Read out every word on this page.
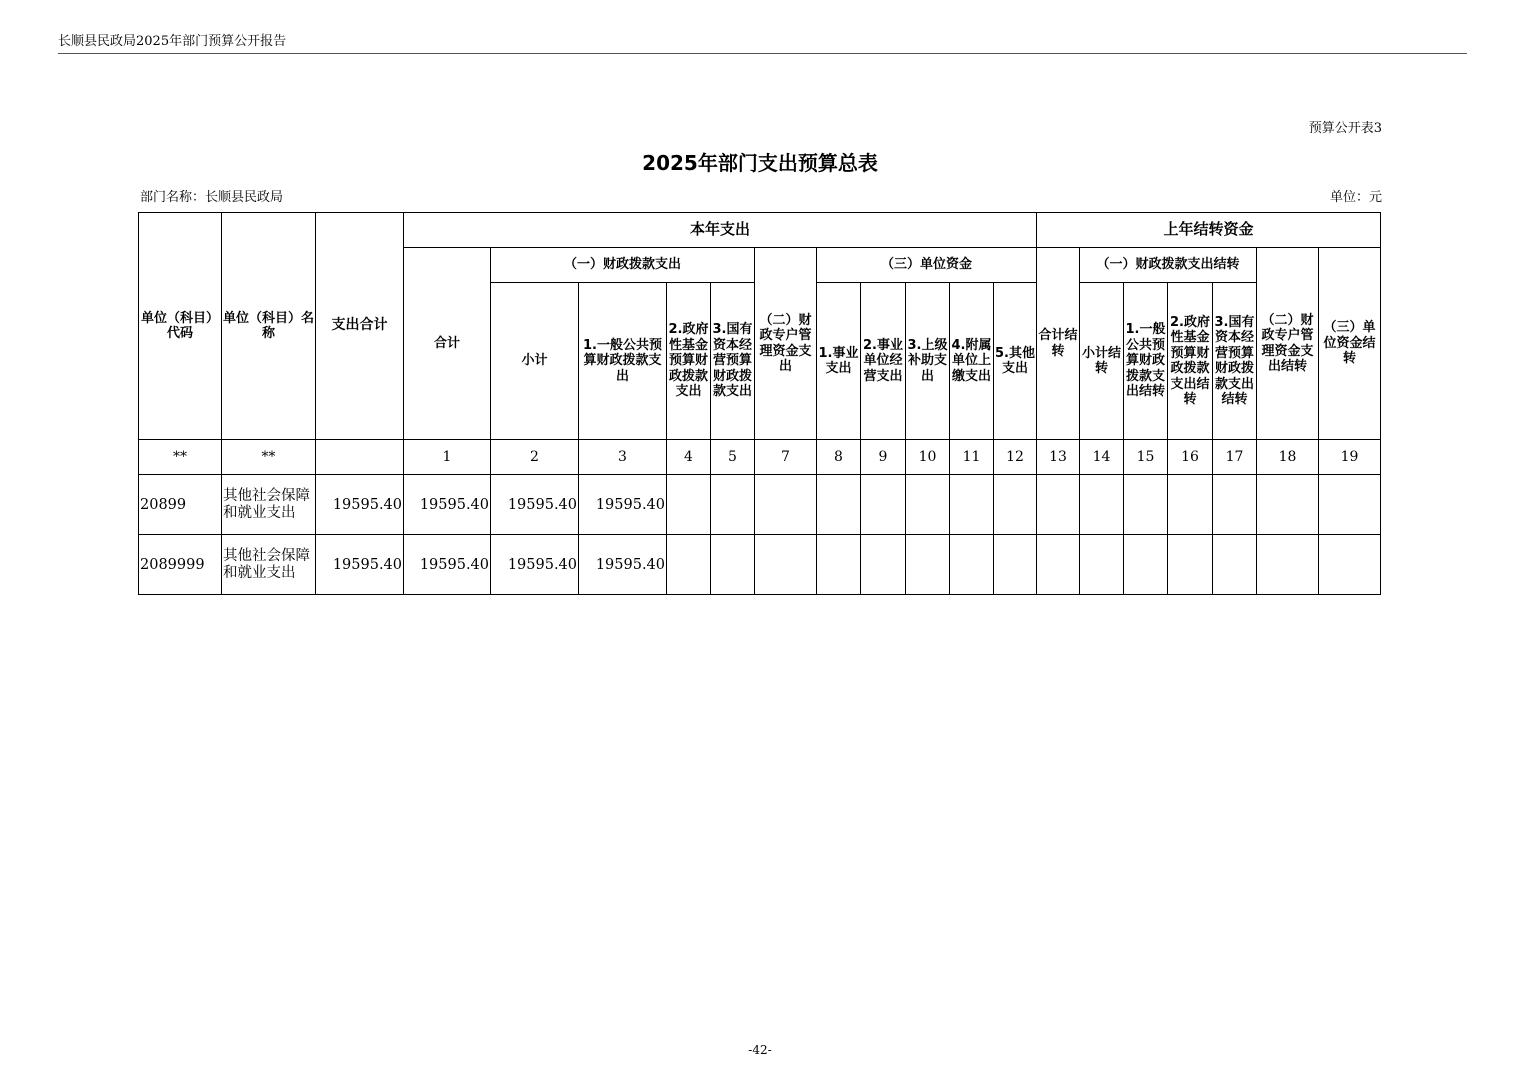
长顺县民政局2025年部门预算公开报告
预算公开表3
2025年部门支出预算总表
部门名称：长顺县民政局	单位：元
单位（科目）代码	单位（科目）名称	支出合计	本年支出											上年结转资金						
			合计	（一）财政拨款支出				（二）财政专户管理资金支出	（三）单位资金					合计结转	（一）财政拨款支出结转				（二）财政专户管理资金支出结转	（三）单位资金结转
				小计	1.一般公共预算财政拨款支出	2.政府性基金预算财政拨款支出	3.国有资本经营预算财政拨款支出		1.事业支出	2.事业单位经营支出	3.上级补助支出	4.附属单位上缴支出	5.其他支出		小计结转	1.一般公共预算财政拨款支出结转	2.政府性基金预算财政拨款支出结转	3.国有资本经营预算财政拨款支出结转		
**	**		1	2	3	4	5	7	8	9	10	11	12	13	14	15	16	17	18	19
20899	其他社会保障和就业支出	19595.40	19595.40	19595.40	19595.40															
2089999	其他社会保障和就业支出	19595.40	19595.40	19595.40	19595.40															
-42-
